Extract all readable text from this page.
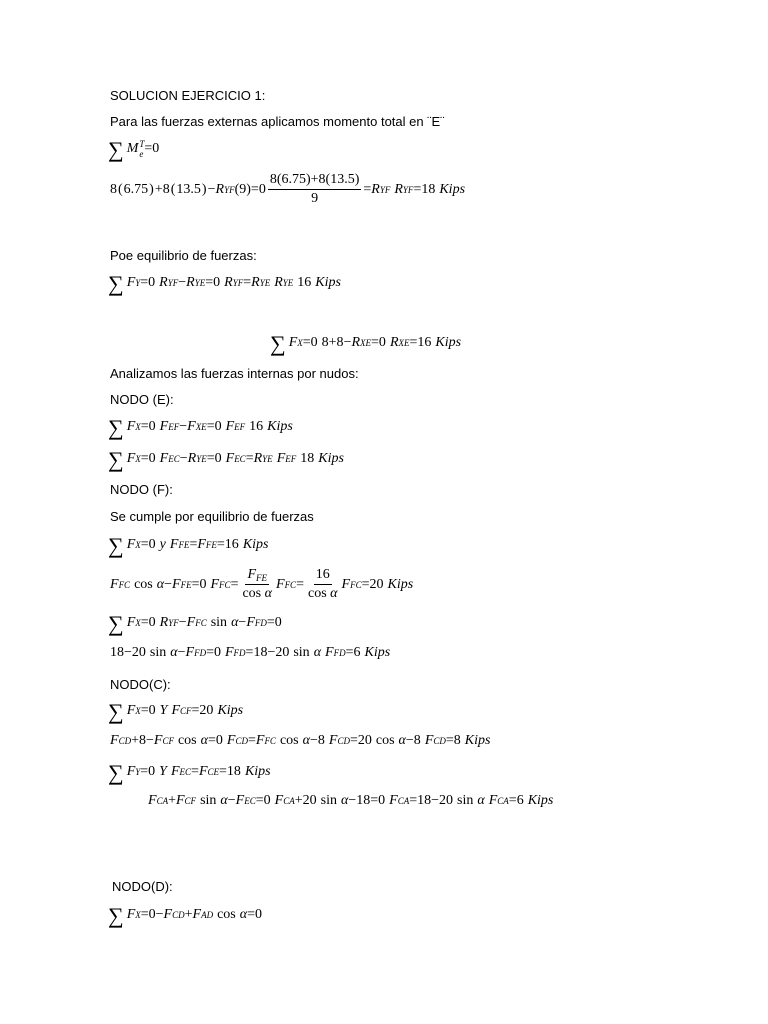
SOLUCION EJERCICIO 1:
Para las fuerzas externas aplicamos momento total en ¨E¨
∑ M T
e =0
8 ( 6.75 ) +8 ( 13.5 ) − R YF ( 9 ) $=0 \frac{8(6.75)+8(13.5)}{9} = R$ YF R YF =18 Kips
Poe equilibrio de fuerzas:
∑ F Y =0 R YF − R YE =0 R YF = R YE R YE 16 Kips
∑ F X =0 8+8 − R XE =0 R XE =16 Kips
Analizamos las fuerzas internas por nudos:
NODO (E):
∑ F X =0 F EF − F XE =0 F EF 16 Kips
∑ F X =0 F EC − R YE =0 F EC = R YE F EF 18 Kips
NODO (F):
Se cumple por equilibrio de fuerzas
∑ F X =0 y F FE = F FE =16 Kips
F FC cos α − F FE =0 F FC = $\frac{F_{FE}}{\text{cos α}}$ F FC = $\frac{16}{\text{cos α}}$ F FC =20 Kips
∑ F X =0 R YF − F FC sin α − F FD =0
18−20 sin α − F FD =0 F FD =18−20 sin α F FD =6 Kips
NODO(C):
∑ F X =0 Y F CF =20 Kips
F CD +8− F CF cos α =0 F CD = F FC cos α −8 F CD =20 cos α −8 F CD =8 Kips
∑ F Y =0 Y F EC = F CE =18 Kips
F CA + F CF sin α − F EC =0 F CA +20 sin α −18=0 F CA =18−20 sin α F CA =6 Kips
NODO(D):
∑ F X =0− F CD + F AD cos α =0
